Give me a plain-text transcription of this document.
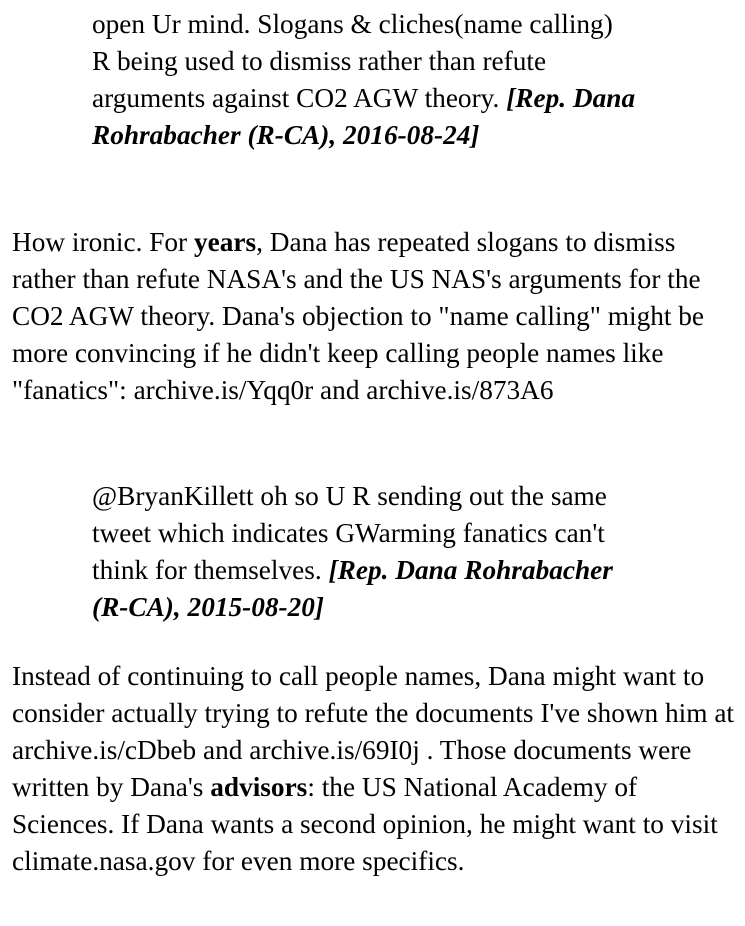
open Ur mind. Slogans & cliches(name calling) R being used to dismiss rather than refute arguments against CO2 AGW theory. [Rep. Dana Rohrabacher (R-CA), 2016-08-24]
How ironic. For years, Dana has repeated slogans to dismiss rather than refute NASA's and the US NAS's arguments for the CO2 AGW theory. Dana's objection to "name calling" might be more convincing if he didn't keep calling people names like "fanatics": archive.is/Yqq0r and archive.is/873A6
@BryanKillett oh so U R sending out the same tweet which indicates GWarming fanatics can't think for themselves. [Rep. Dana Rohrabacher (R-CA), 2015-08-20]
Instead of continuing to call people names, Dana might want to consider actually trying to refute the documents I've shown him at archive.is/cDbeb and archive.is/69I0j . Those documents were written by Dana's advisors: the US National Academy of Sciences. If Dana wants a second opinion, he might want to visit climate.nasa.gov for even more specifics.
